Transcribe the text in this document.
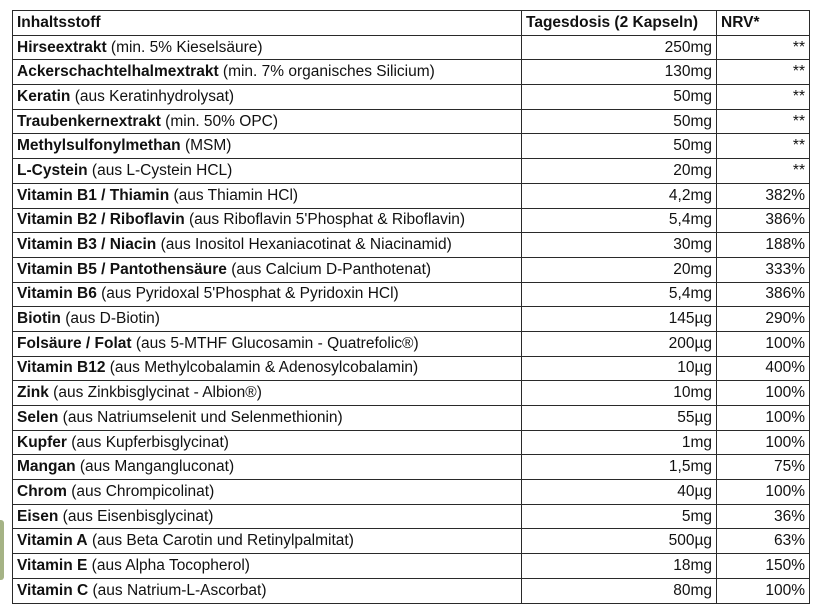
Inhaltsstoff	Tagesdosis (2 Kapseln)	NRV*
Hirseextrakt (min. 5% Kieselsäure)	250mg	**
Ackerschachtelhalmextrakt (min. 7% organisches Silicium)	130mg	**
Keratin (aus Keratinhydrolysat)	50mg	**
Traubenkernextrakt (min. 50% OPC)	50mg	**
Methylsulfonylmethan (MSM)	50mg	**
L-Cystein (aus L-Cystein HCL)	20mg	**
Vitamin B1 / Thiamin (aus Thiamin HCl)	4,2mg	382%
Vitamin B2 / Riboflavin (aus Riboflavin 5'Phosphat & Riboflavin)	5,4mg	386%
Vitamin B3 / Niacin (aus Inositol Hexaniacotinat & Niacinamid)	30mg	188%
Vitamin B5 / Pantothensäure (aus Calcium D-Panthotenat)	20mg	333%
Vitamin B6 (aus Pyridoxal 5'Phosphat & Pyridoxin HCl)	5,4mg	386%
Biotin (aus D-Biotin)	145µg	290%
Folsäure / Folat (aus 5-MTHF Glucosamin - Quatrefolic®)	200µg	100%
Vitamin B12 (aus Methylcobalamin & Adenosylcobalamin)	10µg	400%
Zink (aus Zinkbisglycinat - Albion®)	10mg	100%
Selen (aus Natriumselenit und Selenmethionin)	55µg	100%
Kupfer (aus Kupferbisglycinat)	1mg	100%
Mangan (aus Mangangluconat)	1,5mg	75%
Chrom (aus Chrompicolinat)	40µg	100%
Eisen (aus Eisenbisglycinat)	5mg	36%
Vitamin A (aus Beta Carotin und Retinylpalmitat)	500µg	63%
Vitamin E (aus Alpha Tocopherol)	18mg	150%
Vitamin C (aus Natrium-L-Ascorbat)	80mg	100%
